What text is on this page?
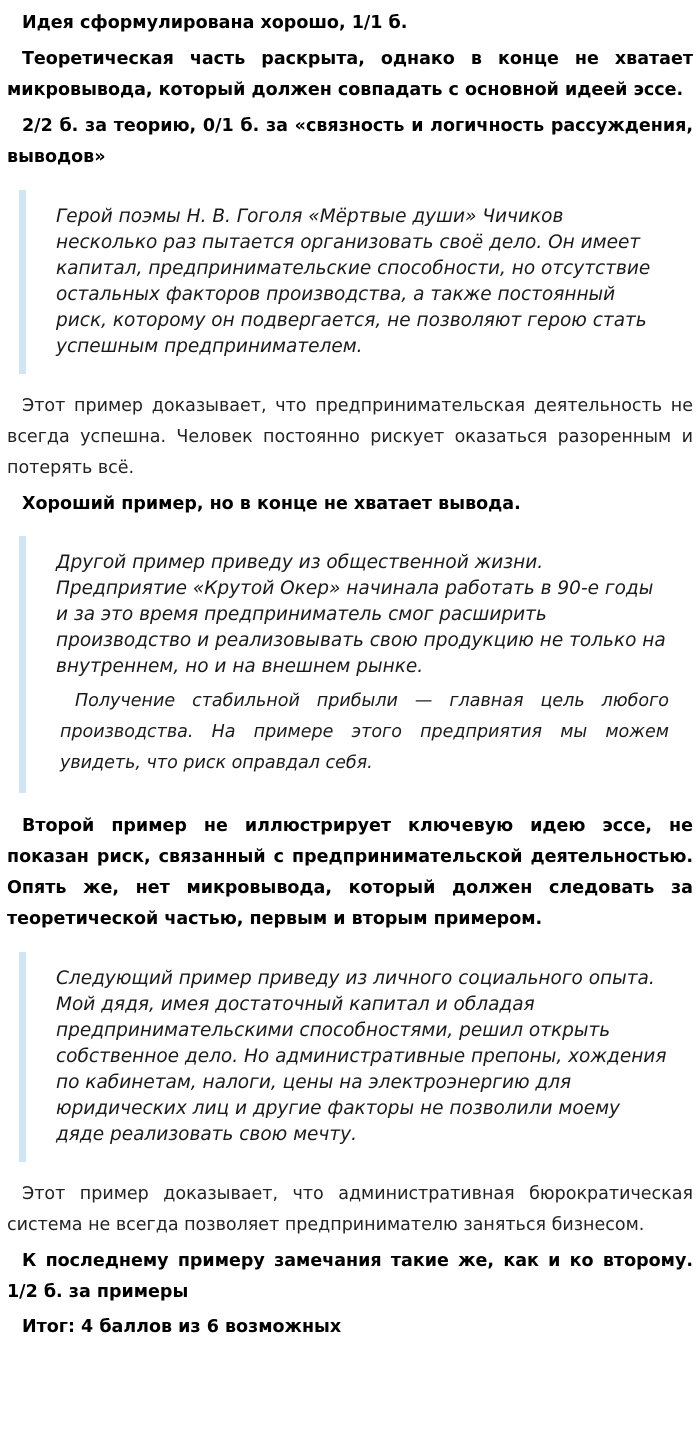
Идея сформулирована хорошо, 1/1 б.

Теоретическая часть раскрыта, однако в конце не хватает микровывода, который должен совпадать с основной идеей эссе.

2/2 б. за теорию, 0/1 б. за «связность и логичность рассуждения, выводов»

Герой поэмы Н. В. Гоголя «Мёртвые души» Чичиков несколько раз пытается организовать своё дело. Он имеет капитал, предпринимательские способности, но отсутствие остальных факторов производства, а также постоянный риск, которому он подвергается, не позволяют герою стать успешным предпринимателем.

Этот пример доказывает, что предпринимательская деятельность не всегда успешна. Человек постоянно рискует оказаться разоренным и потерять всё.

Хороший пример, но в конце не хватает вывода.

Другой пример приведу из общественной жизни. Предприятие «Крутой Окер» начинала работать в 90-е годы и за это время предприниматель смог расширить производство и реализовывать свою продукцию не только на внутреннем, но и на внешнем рынке.

Получение стабильной прибыли — главная цель любого производства. На примере этого предприятия мы можем увидеть, что риск оправдал себя.

Второй пример не иллюстрирует ключевую идею эссе, не показан риск, связанный с предпринимательской деятельностью. Опять же, нет микровывода, который должен следовать за теоретической частью, первым и вторым примером.

Следующий пример приведу из личного социального опыта. Мой дядя, имея достаточный капитал и обладая предпринимательскими способностями, решил открыть собственное дело. Но административные препоны, хождения по кабинетам, налоги, цены на электроэнергию для юридических лиц и другие факторы не позволили моему дяде реализовать свою мечту.

Этот пример доказывает, что административная бюрократическая система не всегда позволяет предпринимателю заняться бизнесом.

К последнему примеру замечания такие же, как и ко второму. 1/2 б. за примеры

Итог: 4 баллов из 6 возможных
